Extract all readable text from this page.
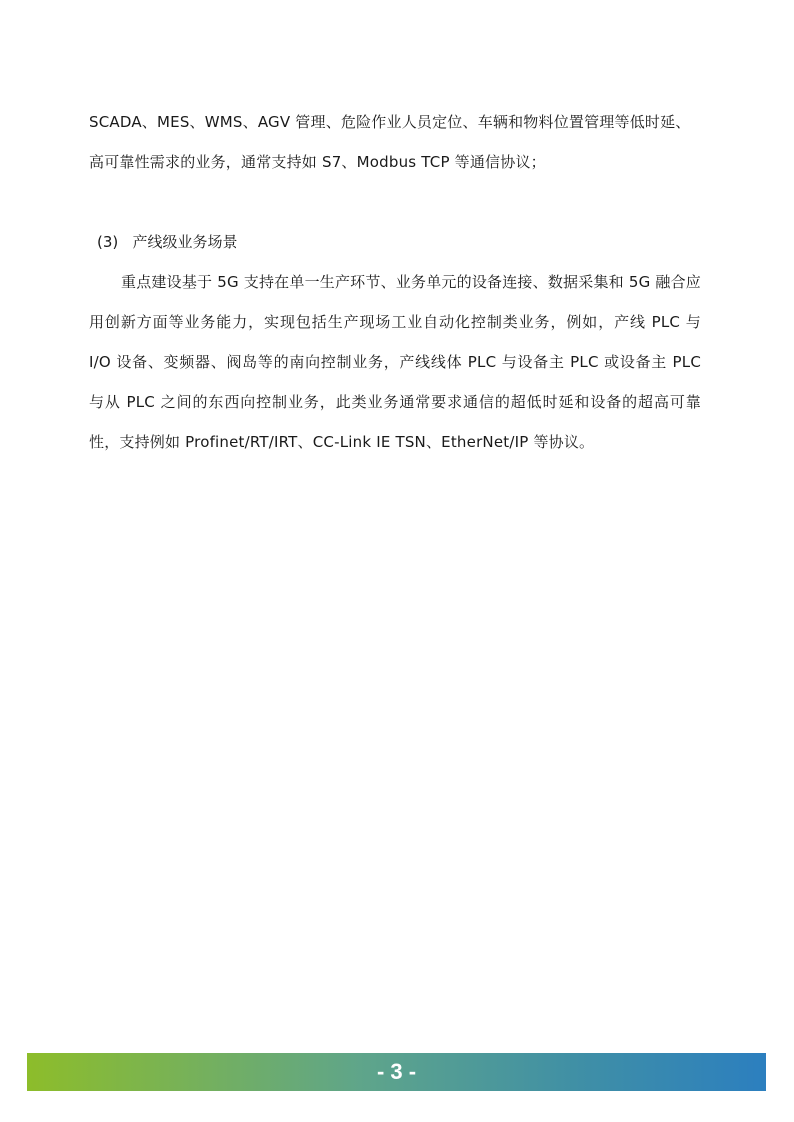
SCADA、MES、WMS、AGV 管理、危险作业人员定位、车辆和物料位置管理等低时延、高可靠性需求的业务，通常支持如 S7、Modbus TCP 等通信协议；
(3)   产线级业务场景
重点建设基于 5G 支持在单一生产环节、业务单元的设备连接、数据采集和 5G 融合应用创新方面等业务能力，实现包括生产现场工业自动化控制类业务，例如，产线 PLC 与 I/O 设备、变频器、阀岛等的南向控制业务，产线线体 PLC 与设备主 PLC 或设备主 PLC 与从 PLC 之间的东西向控制业务，此类业务通常要求通信的超低时延和设备的超高可靠性，支持例如 Profinet/RT/IRT、CC-Link IE TSN、EtherNet/IP 等协议。
- 3 -
